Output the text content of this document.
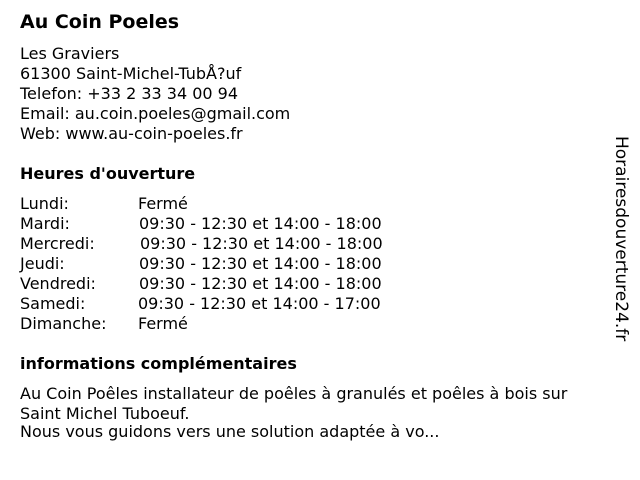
Au Coin Poeles
Les Graviers
61300 Saint-Michel-TubÅ?uf
Telefon: +33 2 33 34 00 94
Email: au.coin.poeles@gmail.com
Web: www.au-coin-poeles.fr
Heures d'ouverture
Lundi:	Fermé
Mardi:	09:30 - 12:30 et 14:00 - 18:00
Mercredi:	09:30 - 12:30 et 14:00 - 18:00
Jeudi:	09:30 - 12:30 et 14:00 - 18:00
Vendredi:	09:30 - 12:30 et 14:00 - 18:00
Samedi:	09:30 - 12:30 et 14:00 - 17:00
Dimanche: Fermé
informations complémentaires
Au Coin Poêles installateur de poêles à granulés et poêles à bois sur
Saint Michel Tuboeuf.
Nous vous guidons vers une solution adaptée à vo...
Horairesdouverture24.fr
